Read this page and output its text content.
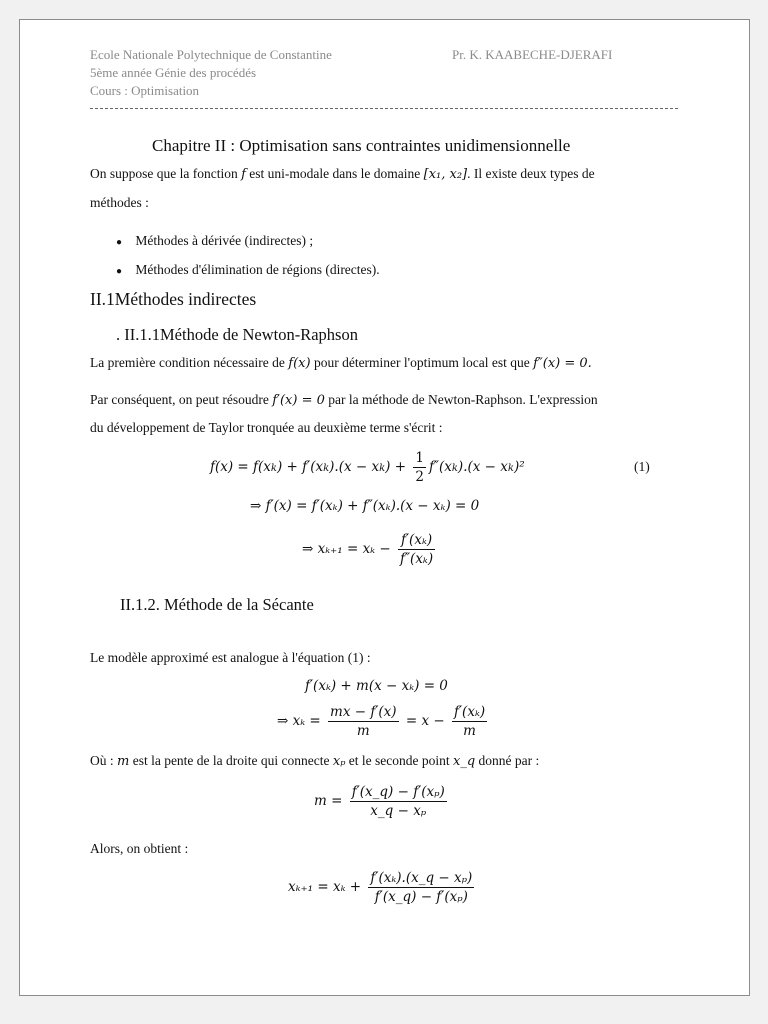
Ecole Nationale Polytechnique de Constantine	Pr. K. KAABECHE-DJERAFI
5ème année Génie des procédés
Cours : Optimisation
Chapitre II : Optimisation sans contraintes unidimensionnelle
On suppose que la fonction f est uni-modale dans le domaine [x₁, x₂]. Il existe deux types de
méthodes :
● Méthodes à dérivée (indirectes) ;
● Méthodes d'élimination de régions (directes).
II.1Méthodes indirectes
. II.1.1Méthode de Newton-Raphson
La première condition nécessaire de f(x) pour déterminer l'optimum local est que f″(x) = 0.
Par conséquent, on peut résoudre f′(x) = 0 par la méthode de Newton-Raphson. L'expression
du développement de Taylor tronquée au deuxième terme s'écrit :
$f(x) = f(xk) + f'(xk).(x - xk) + \frac{1}{2} f''(xk).(x - xk)^2$	(1)
⇒ f′(x) = f′(xₖ) + f″(xₖ).(x − xₖ) = 0
⇒ $x_{k+1} = x_k - \frac{\text{f′(xₖ)}}{\text{f″(xₖ)}}$
II.1.2. Méthode de la Sécante
Le modèle approximé est analogue à l'équation (1) :
f′(xₖ) + m(x − xₖ) = 0
⇒ $x_k = \frac{mx - f'(x)}{m} = x - \frac{\text{f′(xₖ)}}{m}$
Où : m est la pente de la droite qui connecte xₚ et le seconde point x_q donné par :
$m = \frac{\text{f′(x\_q) − f′(xₚ)}}{\text{x\_q − xₚ}}$
Alors, on obtient :
$x_{k+1} = x_k + \frac{\text{f′(xₖ).(x\_q − xₚ)}}{\text{f′(x\_q) − f′(xₚ)}}$
